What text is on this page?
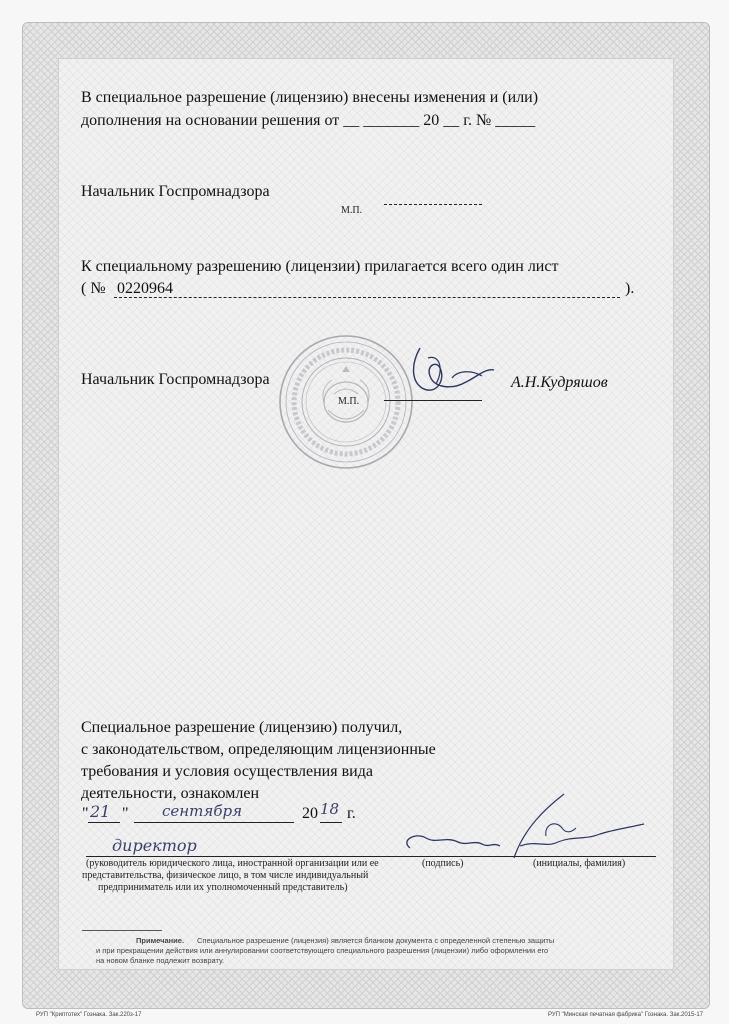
В специальное разрешение (лицензию) внесены изменения и (или)
дополнения на основании решения от __ _______ 20 __ г. № _____
Начальник Госпромнадзора
М.П.
К специальному разрешению (лицензии) прилагается всего один лист
( № 0220964	).
Начальник Госпромнадзора
М.П.
А.Н.Кудряшов
Специальное разрешение (лицензию) получил,
с законодательством, определяющим лицензионные
требования и условия осуществления вида
деятельности, ознакомлен
" 21 " сентября	20 18 г.
директор
(руководитель юридического лица, иностранной организации или ее
представительства, физическое лицо, в том числе индивидуальный
предприниматель или их уполномоченный представитель)
(подпись)	(инициалы, фамилия)
Примечание. Специальное разрешение (лицензия) является бланком документа с определенной степенью защиты
и при прекращении действия или аннулировании соответствующего специального разрешения (лицензии) либо оформлении его
на новом бланке подлежит возврату.
РУП "Криптотех" Гознака. Зак.220з-17	РУП "Минская печатная фабрика" Гознака. Зак.2015-17
